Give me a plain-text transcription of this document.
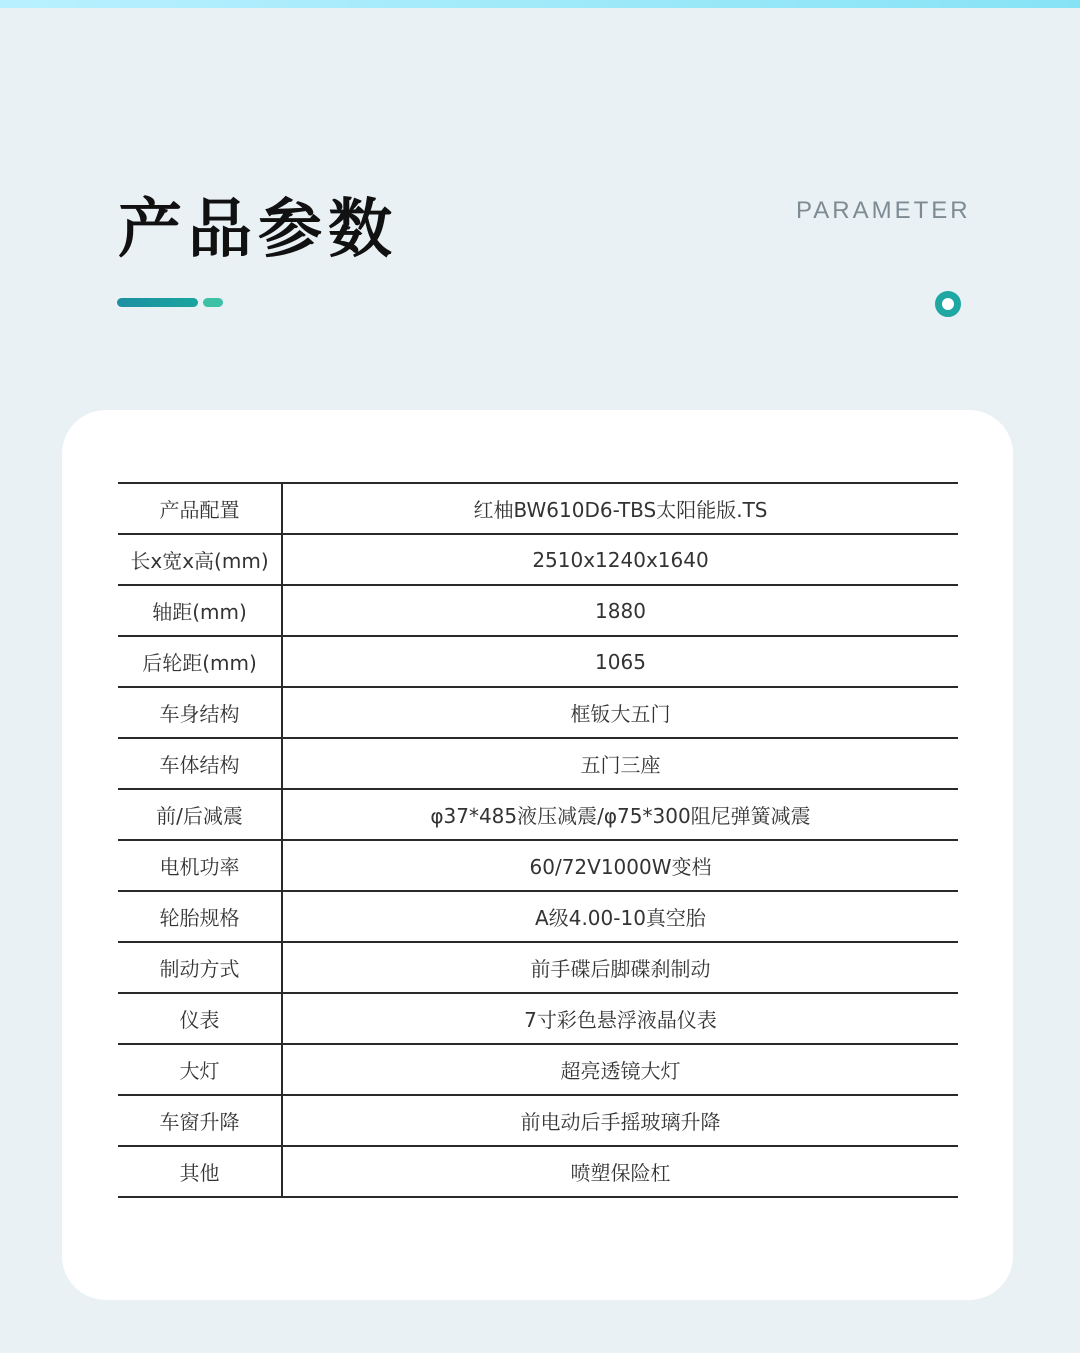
产品参数	PARAMETER
产品配置	红柚BW610D6-TBS太阳能版.TS
长x宽x高(mm)	2510x1240x1640
轴距(mm)	1880
后轮距(mm)	1065
车身结构	框钣大五门
车体结构	五门三座
前/后减震	φ37*485液压减震/φ75*300阻尼弹簧减震
电机功率	60/72V1000W变档
轮胎规格	A级4.00-10真空胎
制动方式	前手碟后脚碟刹制动
仪表	7寸彩色悬浮液晶仪表
大灯	超亮透镜大灯
车窗升降	前电动后手摇玻璃升降
其他	喷塑保险杠
